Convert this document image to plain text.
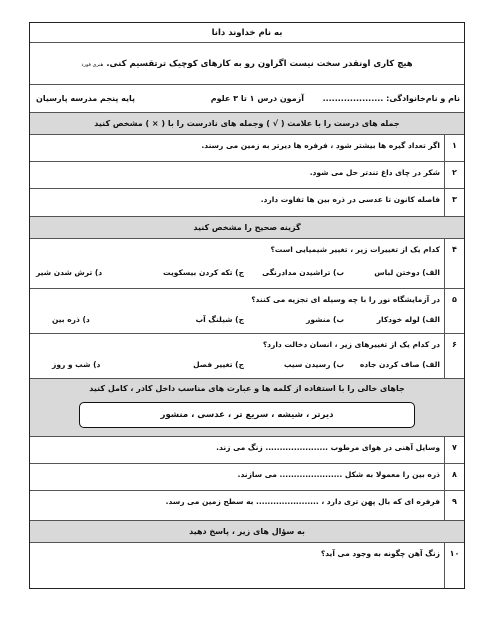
به نام خداوند دانا
هیچ کاری اونقدر سخت نیست اگراون رو به کارهای کوچیک ترتقسیم کنی.هنری فورد
نام و نام‌خانوادگی: ....................
آزمون درس ۱ تا ۳ علوم
پایه پنجم مدرسه پارسیان
جمله های درست را با علامت ( √ ) وجمله های نادرست را با ( × ) مشخص کنید
۱
اگر تعداد گیره ها بیشتر شود ، فرفره ها دیرتر به زمین می رسند.
۲
شکر در چای داغ تندتر حل می شود.
۳
فاصله کانون تا عدسی در ذره بین ها تفاوت دارد.
گزینه صحیح را مشخص کنید
۴
کدام یک از تغییرات زیر ، تغییر شیمیایی است؟
الف) دوختن لباس
ب) تراشیدن مدادرنگی
ج) تکه کردن بیسکویت
د) ترش شدن شیر
۵
در آزمایشگاه نور را با چه وسیله ای تجزیه می کنند؟
الف) لوله خودکار
ب) منشور
ج) شیلنگ آب
د) ذره بین
۶
در کدام یک از تغییرهای زیر ، انسان دخالت دارد؟
الف) صاف کردن جاده
ب) رسیدن سیب
ج) تغییر فصل
د) شب و روز
جاهای خالی را با استفاده از کلمه ها و عبارت های مناسب داخل کادر ، کامل کنید
دیرتر ، شیشه ، سریع تر ، عدسی ، منشور
۷
وسایل آهنی در هوای مرطوب ...................... زنگ می زند.
۸
ذره بین را معمولا به شکل ...................... می سازند.
۹
فرفره ای که بال پهن تری دارد ، ...................... به سطح زمین می رسد.
به سؤال های زیر ، پاسخ دهید
۱۰
زنگ آهن چگونه به وجود می آید؟
